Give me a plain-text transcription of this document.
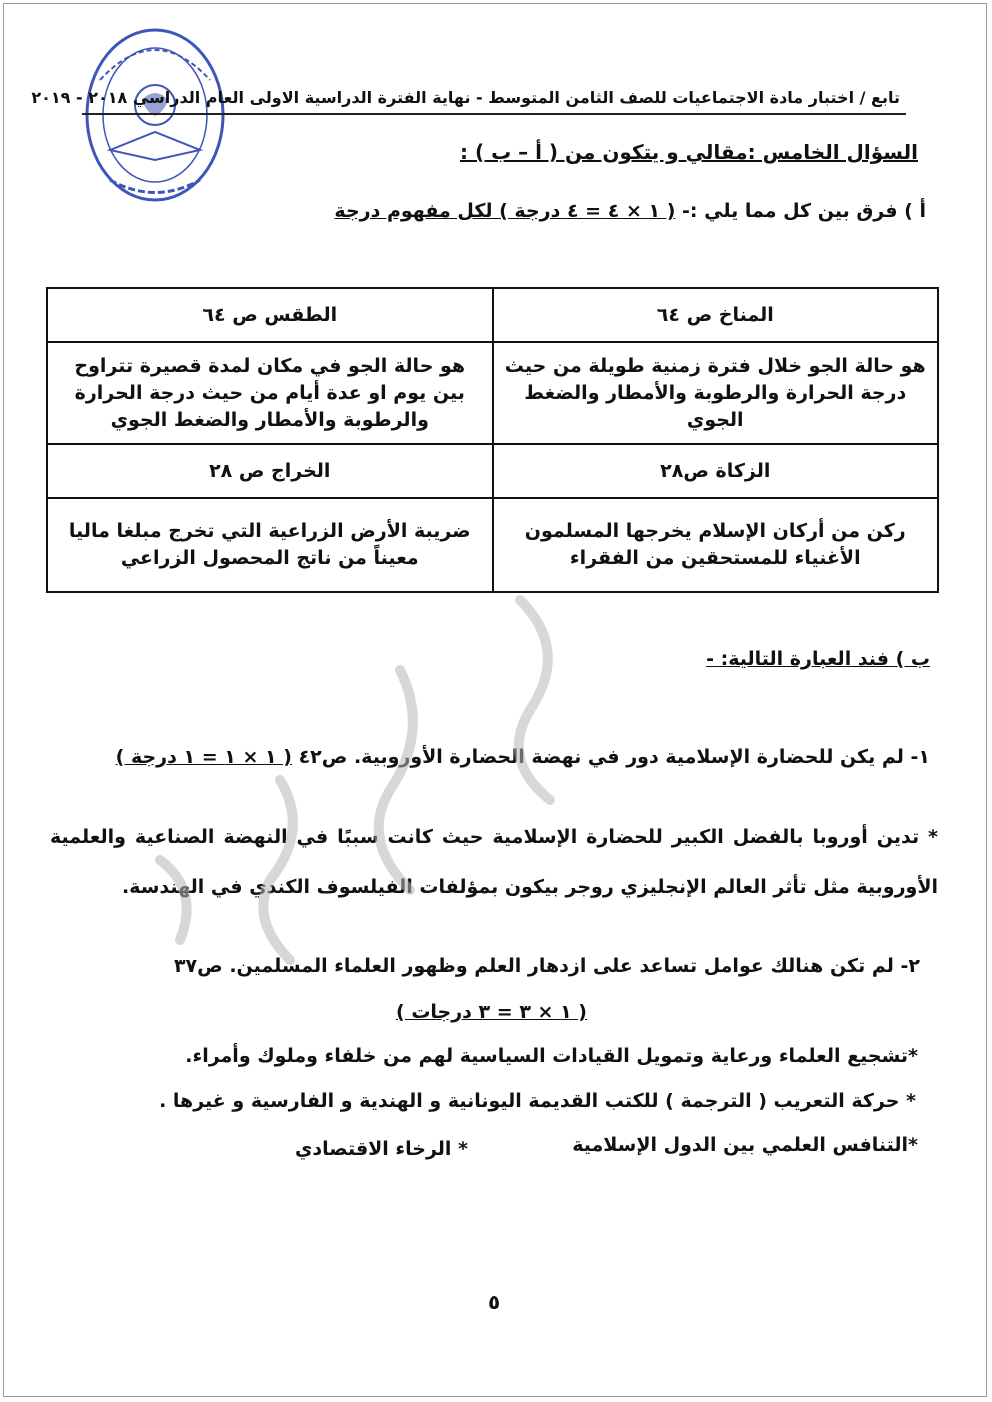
تابع / اختبار مادة الاجتماعيات للصف الثامن المتوسط - نهاية الفترة الدراسية الاولى العام الدراسي ٢٠١٨ - ٢٠١٩
السؤال الخامس :مقالي و يتكون من ( أ – ب ) :
أ ) فرق بين كل مما يلي :- ( ١ × ٤ = ٤ درجة ) لكل مفهوم درجة
المناخ ص ٦٤	الطقس ص ٦٤
هو حالة الجو خلال فترة زمنية طويلة من حيث درجة الحرارة والرطوبة والأمطار والضغط الجوي	هو حالة الجو في مكان لمدة قصيرة تتراوح بين يوم او عدة أيام من حيث درجة الحرارة والرطوبة والأمطار والضغط الجوي
الزكاة ص٢٨	الخراج ص ٢٨
ركن من أركان الإسلام يخرجها المسلمون الأغنياء للمستحقين من الفقراء	ضريبة الأرض الزراعية التي تخرج مبلغا ماليا معيناً من ناتج المحصول الزراعي
ب ) فند العبارة التالية: -
١- لم يكن للحضارة الإسلامية دور في نهضة الحضارة الأوروبية. ص٤٢ ( ١ × ١ = ١ درجة )
* تدين أوروبا بالفضل الكبير للحضارة الإسلامية حيث كانت سببًا في النهضة الصناعية والعلمية الأوروبية مثل تأثر العالم الإنجليزي روجر بيكون بمؤلفات الفيلسوف الكندي في الهندسة.
٢- لم تكن هنالك عوامل تساعد على ازدهار العلم وظهور العلماء المسلمين. ص٣٧
( ١ × ٣ = ٣ درجات )
*تشجيع العلماء ورعاية وتمويل القيادات السياسية لهم من خلفاء وملوك وأمراء.
* حركة التعريب ( الترجمة ) للكتب القديمة اليونانية و الهندية و الفارسية و غيرها .
*التنافس العلمي بين الدول الإسلامية
* الرخاء الاقتصادي
٥
